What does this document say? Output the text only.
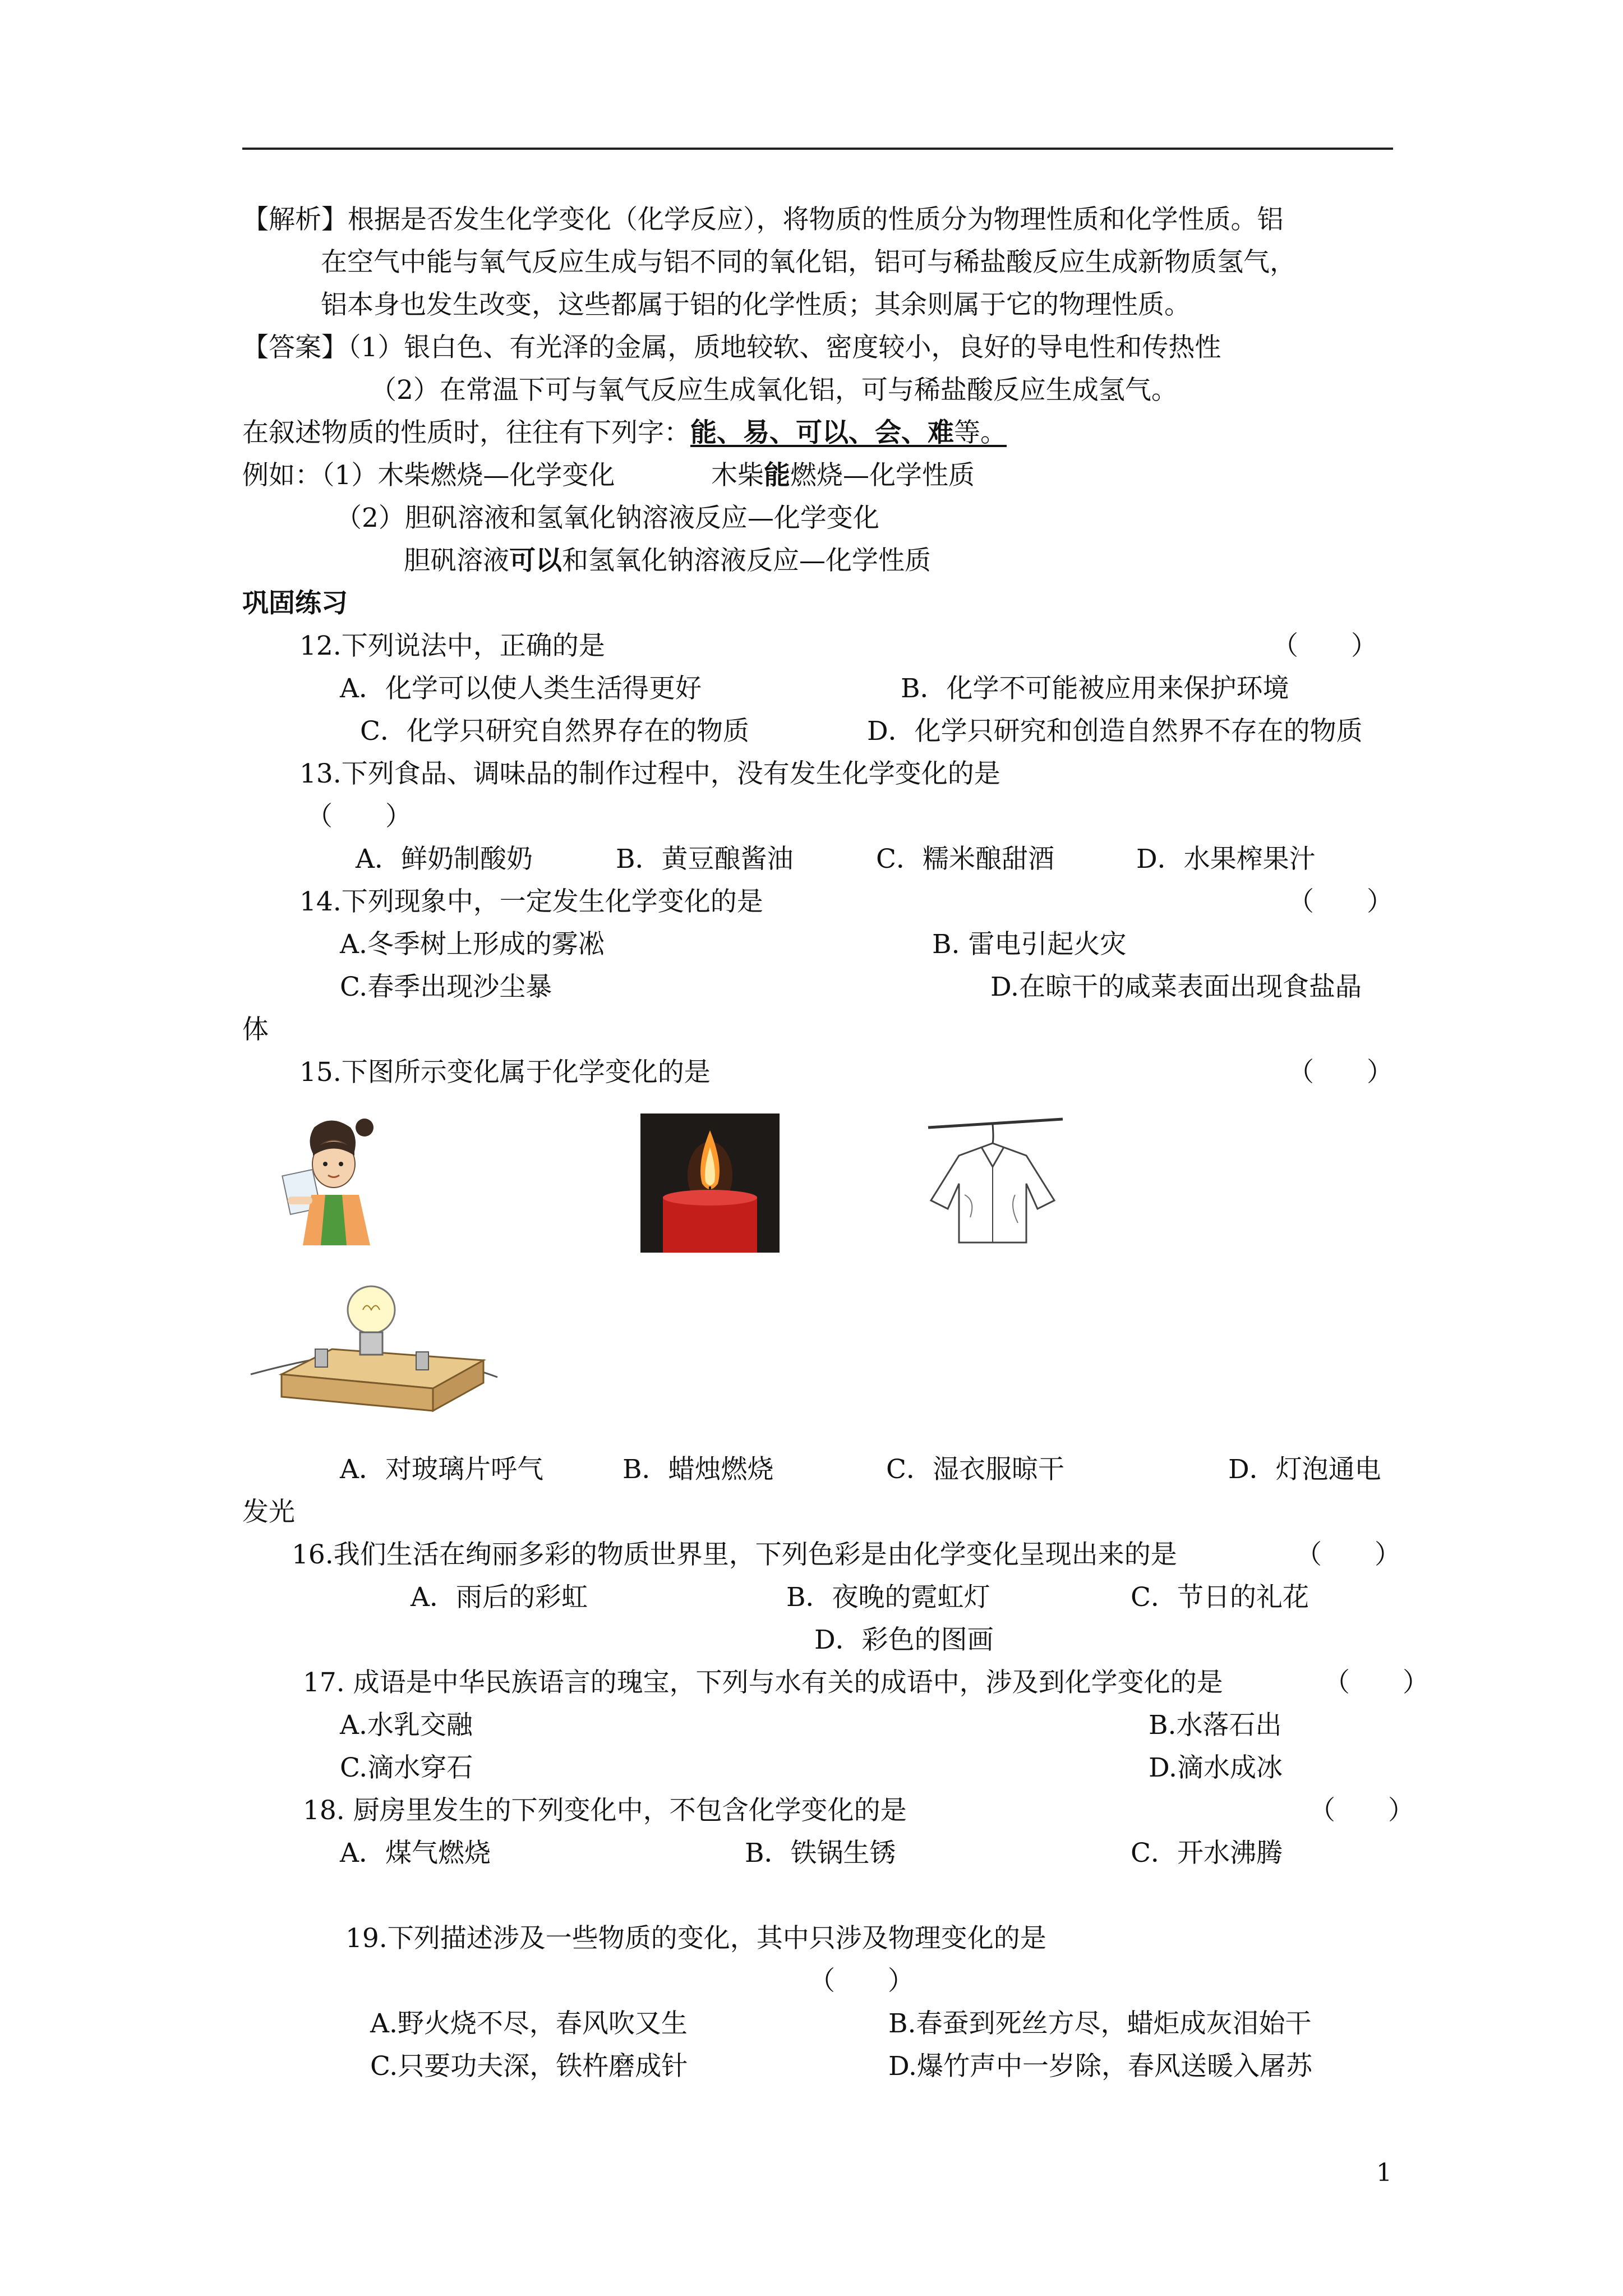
【解析】根据是否发生化学变化（化学反应），将物质的性质分为物理性质和化学性质。铝
在空气中能与氧气反应生成与铝不同的氧化铝，铝可与稀盐酸反应生成新物质氢气，
铝本身也发生改变，这些都属于铝的化学性质；其余则属于它的物理性质。
【答案】（1）银白色、有光泽的金属，质地较软、密度较小，良好的导电性和传热性
（2）在常温下可与氧气反应生成氧化铝，可与稀盐酸反应生成氢气。
在叙述物质的性质时，往往有下列字：能、易、可以、会、难等。
例如：（1）木柴燃烧—化学变化	木柴能燃烧—化学性质
（2）胆矾溶液和氢氧化钠溶液反应—化学变化
胆矾溶液可以和氢氧化钠溶液反应—化学性质
巩固练习
12.下列说法中，正确的是	（　　）
A．化学可以使人类生活得更好	B．化学不可能被应用来保护环境
C．化学只研究自然界存在的物质	D．化学只研究和创造自然界不存在的物质
13.下列食品、调味品的制作过程中，没有发生化学变化的是
（　　）
A．鲜奶制酸奶	B．黄豆酿酱油	C．糯米酿甜酒	D．水果榨果汁
14.下列现象中，一定发生化学变化的是	（　　）
A.冬季树上形成的雾凇	B. 雷电引起火灾
C.春季出现沙尘暴	D.在晾干的咸菜表面出现食盐晶
体
15.下图所示变化属于化学变化的是	（　　）
A．对玻璃片呼气	B．蜡烛燃烧	C．湿衣服晾干	D．灯泡通电
发光
16.我们生活在绚丽多彩的物质世界里，下列色彩是由化学变化呈现出来的是	（　　）
A．雨后的彩虹	B．夜晚的霓虹灯	C．节日的礼花
D．彩色的图画
17. 成语是中华民族语言的瑰宝，下列与水有关的成语中，涉及到化学变化的是	（　　）
A.水乳交融	B.水落石出
C.滴水穿石	D.滴水成冰
18. 厨房里发生的下列变化中，不包含化学变化的是	（　　）
A．煤气燃烧	B．铁锅生锈	C．开水沸腾
19.下列描述涉及一些物质的变化，其中只涉及物理变化的是
（　　）
A.野火烧不尽，春风吹又生	B.春蚕到死丝方尽，蜡炬成灰泪始干
C.只要功夫深，铁杵磨成针	D.爆竹声中一岁除，春风送暖入屠苏
1
